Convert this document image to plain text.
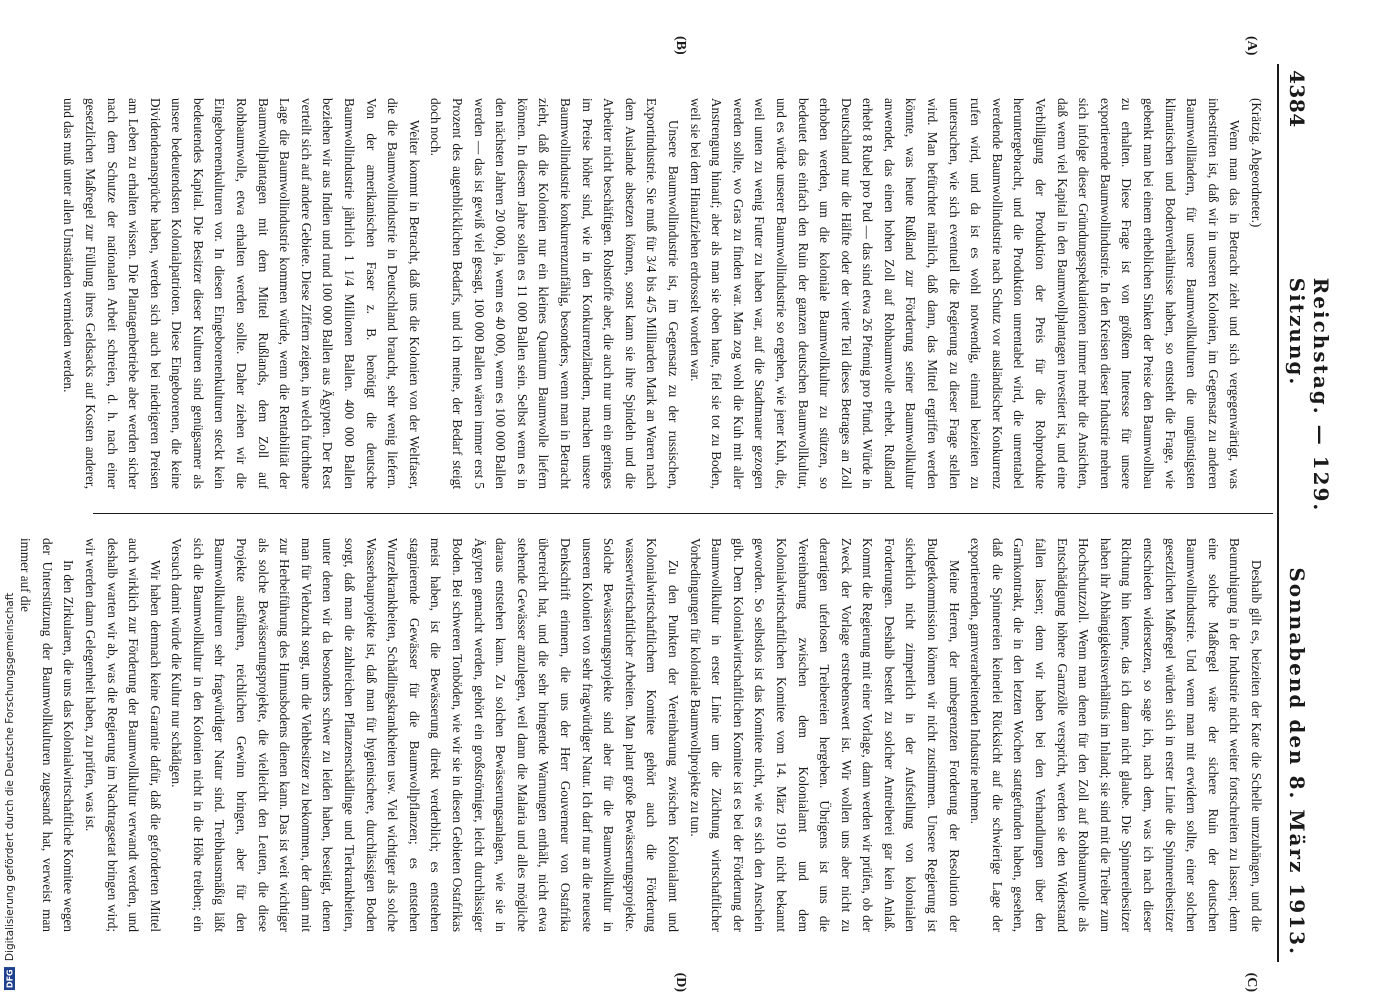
DFG
Digitalisierung gefördert durch die Deutsche Forschungsgemeinschaft
4384
Reichstag. — 129. Sitzung.
Sonnabend den 8. März 1913.
(A)
(B)
(C)
(D)

(Krätzig. Abgeordneter.)

Wenn man das in Betracht zieht und sich vergegenwärtigt, was inbestritten ist, daß wir in unseren Kolonien, im Gegensatz zu anderen Baumwollländern, für unsere Baumwollkulturen die ungünstigsten klimatischen und Bodenverhältnisse haben, so entsteht die Frage, wie gebenkt man bei einem erheblichen Sinken der Preise den Baumwollbau zu erhalten. Diese Frage ist von größtem Interesse für unsere exportierende Baumwollindustrie. In den Kreisen dieser Industrie mehren sich infolge dieser Gründungsspekulationen immer mehr die Ansichten, daß wenn viel Kapital in den Baumwollplantagen investiert ist, und eine Verbilligung der Produktion der Preis für die Rohprodukte heruntergebracht, und die Produktion unrentabel wird, die unrentabel werdende Baumwollindustrie nach Schutz vor ausländischer Konkurrenz rufen wird, und da ist es wohl notwendig, einmal beizeiten zu untersuchen, wie sich eventuell die Regierung zu dieser Frage stellen wird. Man befürchtet nämlich, daß dann, das Mittel ergriffen werden könnte, was heute Rußland zur Förderung seiner Baumwollkultur anwendet, das einen hohen Zoll auf Rohbaumwolle erhebt. Rußland erhebt 8 Rubel pro Pud — das sind etwa 26 Pfennig pro Pfund. Würde in Deutschland nur die Hälfte oder der vierte Teil dieses Betrages an Zoll erhoben werden, um die koloniale Baumwollkultur zu stützen, so bedeutet das einfach den Ruin der ganzen deutschen Baumwollkultur, und es würde unserer Baumwollindustrie so ergehen, wie jener Kuh, die, weil unten zu wenig Futter zu haben war, auf die Stadtmauer gezogen werden sollte, wo Gras zu finden war. Man zog wohl die Kuh mit aller Anstrengung hinauf; aber als man sie oben hatte, fiel sie tot zu Boden, weil sie bei dem Hinaufziehen erdrosselt worden war.

Unsere Baumwollindustrie ist, im Gegensatz zu der russischen, Exportindustrie. Sie muß für 3/4 bis 4/5 Milliarden Mark an Waren nach dem Auslande absetzen können, sonst kann sie ihre Spindeln und die Arbeiter nicht beschäftigen. Rohstoffe aber, die auch nur um ein geringes im Preise höher sind, wie in den Konkurrenzländern, machen unsere Baumwollindustrie konkurrenzunfähig, besonders, wenn man in Betracht zieht, daß die Kolonien nur ein kleines Quantum Baumwolle liefern können. In diesem Jahre sollen es 11 000 Ballen sein. Selbst wenn es in den nächsten Jahren 20 000, ja, wenn es 40 000, wenn es 100 000 Ballen werden — das ist gewiß viel gesagt, 100 000 Ballen wären immer erst 5 Prozent des augenblicklichen Bedarfs, und ich meine, der Bedarf steigt doch noch.

Weiter kommt in Betracht, daß uns die Kolonien von der Weltfaser, die die Baumwollindustrie in Deutschland braucht, sehr wenig liefern. Von der amerikanischen Faser z. B. benötigt die deutsche Baumwollindustrie jährlich 1 1/4 Millionen Ballen. 400 000 Ballen beziehen wir aus Indien und rund 100 000 Ballen aus Ägypten. Der Rest verteilt sich auf andere Gebiete. Diese Ziffern zeigen, in welch furchtbare Lage die Baumwollindustrie kommen würde, wenn die Rentabilität der Baumwollplantagen mit dem Mittel Rußlands, dem Zoll auf Rohbaumwolle, etwa erhalten werden sollte. Daher ziehen wir die Eingeborenenkulturen vor. In diesen Eingeborenenkulturen steckt kein bedeutendes Kapital. Die Besitzer dieser Kulturen sind genügsamer als unsere bedeutendsten Kolonialpatrioten. Diese Eingeborenen, die keine Dividendenansprüche haben, werden sich auch bei niedrigeren Preisen am Leben zu erhalten wissen. Die Plantagenbetriebe aber werden sicher nach dem Schutze der nationalen Arbeit schreien, d. h. nach einer gesetzlichen Maßregel zur Füllung ihres Geldsacks auf Kosten anderer, und das muß unter allen Umständen vermieden werden.

Deshalb gilt es, beizeiten der Kate die Schelle umzuhängen, und die Beunruhigung in der Industrie nicht weiter fortschreiten zu lassen; denn eine solche Maßregel wäre der sichere Ruin der deutschen Baumwollindustrie. Und wenn man mit erwidern sollte, einer solchen gesetzlichen Maßregel würden sich in erster Linie die Spinnereibesitzer entschieden widersetzen, so sage ich, nach dem, was ich nach dieser Richtung hin kenne, das ich daran nicht glaube. Die Spinnereibesitzer haben ihr Abhängigkeitsverhältnis im Inland; sie sind mit die Treiber zum Hochschutzzoll. Wenn man denen für den Zoll auf Rohbaumwolle als Entschädigung höhere Garnzölle verspricht, werden sie den Widerstand fallen lassen; denn wir haben bei den Verhandlungen über den Garnkontrakt, die in den letzten Wochen stattgefunden haben, gesehen, daß die Spinnereien keinerlei Rücksicht auf die schwierige Lage der exportierenden, garnverarbeitenden Industrie nehmen.

Meine Herren, der umbegrenzten Forderung der Resolution der Budgetkommission können wir nicht zustimmen. Unsere Regierung ist sicherlich nicht zimperlich in der Aufstellung von kolonialen Forderungen. Deshalb besteht zu solcher Antreiberei gar kein Anlaß. Kommt die Regierung mit einer Vorlage, dann werden wir prüfen, ob der Zweck der Vorlage erstrebenswert ist. Wir wollen uns aber nicht zu derartigen uferlosen Treibereien hergeben. Übrigens ist uns die Vereinbarung zwischen dem Kolonialamt und dem Kolonialwirtschaftlichen Komitee vom 14. März 1910 nicht bekannt geworden. So selbstlos ist das Komitee nicht, wie es sich den Anschein gibt. Dem Kolonialwirtschaftlichen Komitee ist es bei der Förderung der Baumwollkultur in erster Linie um die Züchtung wirtschaftlicher Vorbedingungen für koloniale Baumwollprojekte zu tun.

Zu den Punkten der Vereinbarung zwischen Kolonialamt und Kolonialwirtschaftlichem Komitee gehört auch die Förderung wasserwirtschaftlicher Arbeiten. Man plant große Bewässerungsprojekte. Solche Bewässerungsprojekte sind aber für die Baumwollkultur in unseren Kolonien von sehr fragwürdiger Natur. Ich darf nur an die neueste Denkschrift erinnern, die uns der Herr Gouverneur von Ostafrika überreicht hat, und die sehr bringende Warnungen enthält, nicht etwa stehende Gewässer anzulegen, weil dann die Malaria und alles mögliche daraus entstehen kann. Zu solchen Bewässerungsanlagen, wie sie in Ägypten gemacht werden, gehört ein großströmiger, leicht durchlässiger Boden. Bei schweren Tonböden, wie wir sie in diesen Gebieten Ostafrikas meist haben, ist die Bewässerung direkt verderblich; es entstehen stagnierende Gewässer für die Baumwollpflanzen; es entstehen Wurzelkrankheiten, Schädlingskrankheiten usw. Viel wichtiger als solche Wasserbauprojekte ist, daß man für hygienischere, durchlässigen Boden sorgt, daß man die zahlreichen Pflanzenschädlinge und Tierkrankheiten, unter denen wir da besonders schwer zu leiden haben, beseitigt, denen man für Viehzucht sorgt, um die Viehbesitzer zu bekommen, der dann mit zur Herbeiführung des Humusbodens dienen kann. Das ist weit wichtiger als solche Bewässerungsprojekte, die vielleicht den Leuten, die diese Projekte ausführen, reichlichen Gewinn bringen, aber für den Baumwollkulturen sehr fragwürdiger Natur sind. Treibhausmäßig läßt sich die Baumwollkultur in den Kolonien nicht in die Höhe treiben; ein Versuch damit würde die Kultur nur schädigen.

Wir haben demnach keine Garantie dafür, daß die geforderten Mittel auch wirklich zur Förderung der Baumwollkultur verwandt werden, und deshalb warten wir ab, was die Regierung im Nachtragsetat bringen wird; wir werden dann Gelegenheit haben, zu prüfen, was ist.

In den Zirkularen, die uns das Kolonialwirtschaftliche Komitee wegen der Unterstützung der Baumwollkulturen zugesandt hat, verweist man immer auf die
